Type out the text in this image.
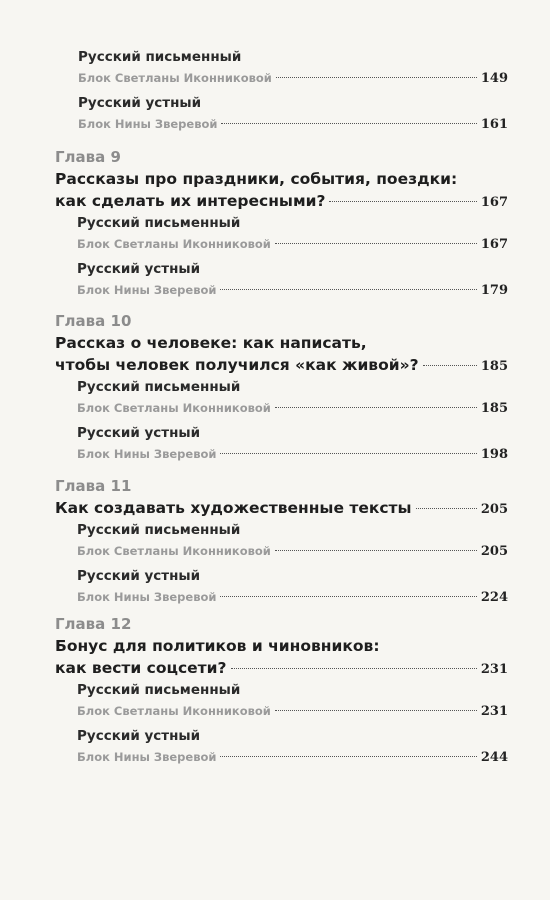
Русский письменный
Блок Светланы Иконниковой	149
Русский устный
Блок Нины Зверевой	161
Глава 9
Рассказы про праздники, события, поездки:
как сделать их интересными?	167
Русский письменный
Блок Светланы Иконниковой	167
Русский устный
Блок Нины Зверевой	179
Глава 10
Рассказ о человеке: как написать,
чтобы человек получился «как живой»?	185
Русский письменный
Блок Светланы Иконниковой	185
Русский устный
Блок Нины Зверевой	198
Глава 11
Как создавать художественные тексты	205
Русский письменный
Блок Светланы Иконниковой	205
Русский устный
Блок Нины Зверевой	224
Глава 12
Бонус для политиков и чиновников:
как вести соцсети?	231
Русский письменный
Блок Светланы Иконниковой	231
Русский устный
Блок Нины Зверевой	244
